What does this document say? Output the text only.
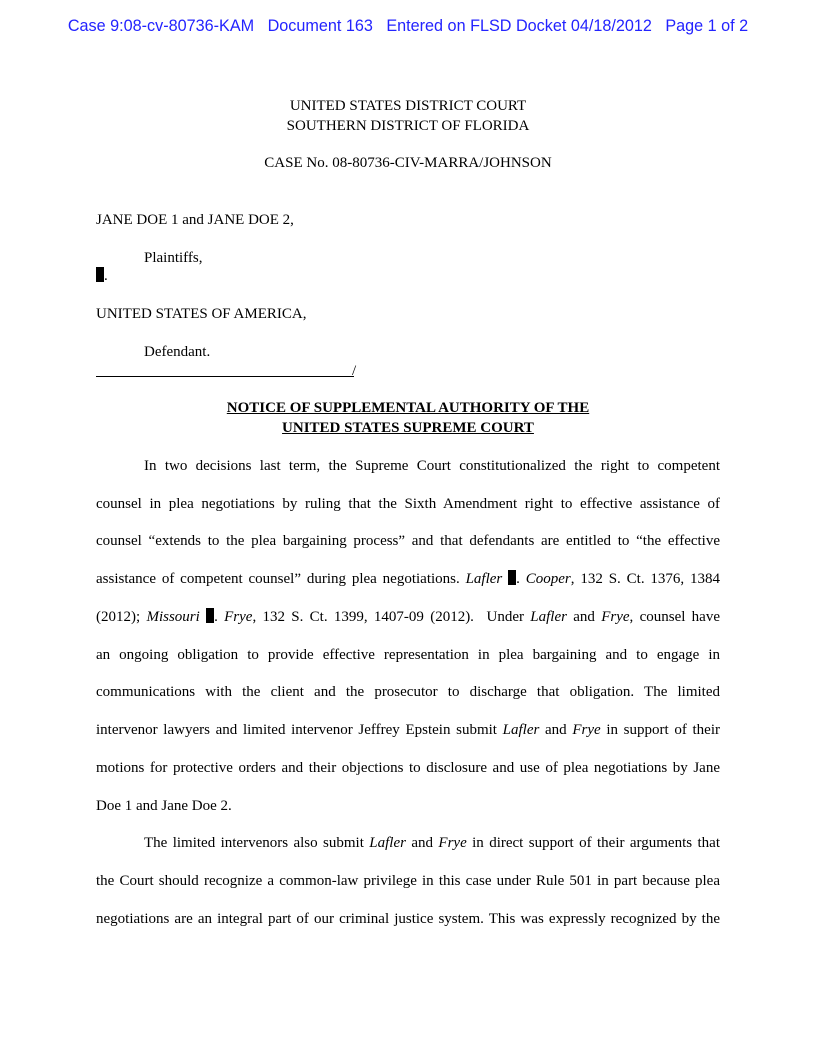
Case 9:08-cv-80736-KAM   Document 163   Entered on FLSD Docket 04/18/2012   Page 1 of 2
UNITED STATES DISTRICT COURT
SOUTHERN DISTRICT OF FLORIDA
CASE No. 08-80736-CIV-MARRA/JOHNSON
JANE DOE 1 and JANE DOE 2,
Plaintiffs,
.
UNITED STATES OF AMERICA,
Defendant.
/
NOTICE OF SUPPLEMENTAL AUTHORITY OF THE
UNITED STATES SUPREME COURT
In two decisions last term, the Supreme Court constitutionalized the right to competent
counsel in plea negotiations by ruling that the Sixth Amendment right to effective assistance of
counsel “extends to the plea bargaining process” and that defendants are entitled to “the effective
assistance of competent counsel” during plea negotiations. Lafler . Cooper, 132 S. Ct. 1376, 1384
(2012); Missouri . Frye, 132 S. Ct. 1399, 1407-09 (2012).  Under Lafler and Frye, counsel have
an ongoing obligation to provide effective representation in plea bargaining and to engage in
communications with the client and the prosecutor to discharge that obligation. The limited
intervenor lawyers and limited intervenor Jeffrey Epstein submit Lafler and Frye in support of their
motions for protective orders and their objections to disclosure and use of plea negotiations by Jane
Doe 1 and Jane Doe 2.
The limited intervenors also submit Lafler and Frye in direct support of their arguments that
the Court should recognize a common-law privilege in this case under Rule 501 in part because plea
negotiations are an integral part of our criminal justice system. This was expressly recognized by the
